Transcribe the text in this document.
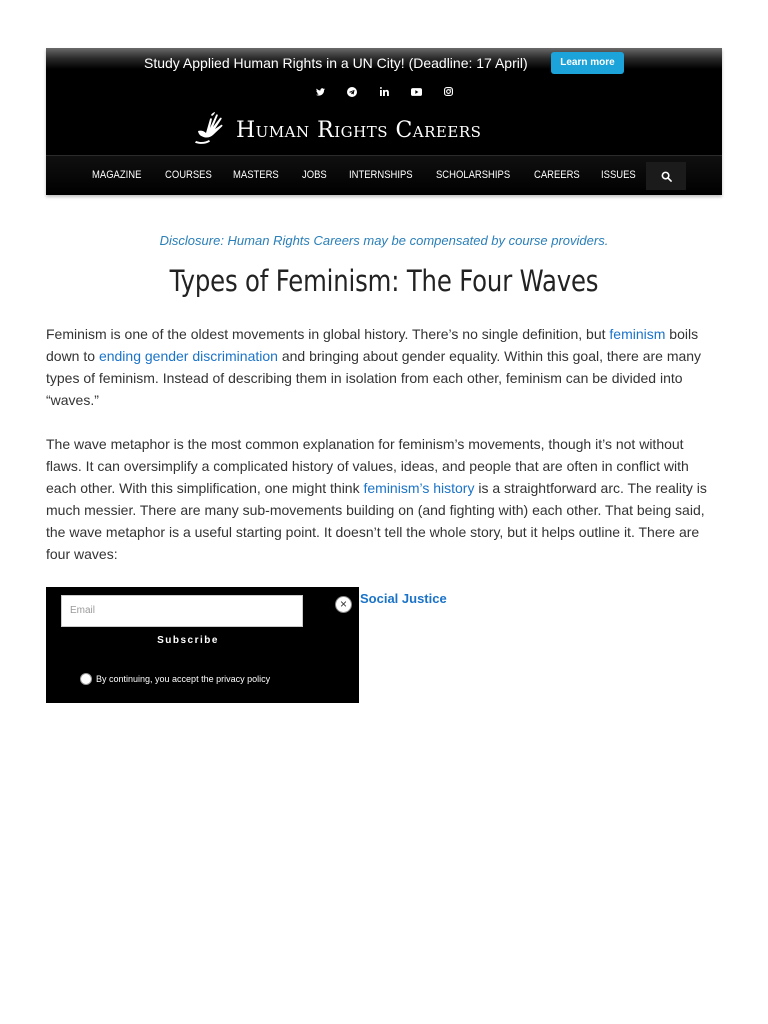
Study Applied Human Rights in a UN City! (Deadline: 17 April)	Learn more
Human Rights Careers
MAGAZINE COURSES MASTERS JOBS INTERNSHIPS SCHOLARSHIPS CAREERS ISSUES

Disclosure: Human Rights Careers may be compensated by course providers.

Types of Feminism: The Four Waves

Feminism is one of the oldest movements in global history. There’s no single definition, but feminism boils down to ending gender discrimination and bringing about gender equality. Within this goal, there are many types of feminism. Instead of describing them in isolation from each other, feminism can be divided into “waves.”

The wave metaphor is the most common explanation for feminism’s movements, though it’s not without flaws. It can oversimplify a complicated history of values, ideas, and people that are often in conflict with each other. With this simplification, one might think feminism’s history is a straightforward arc. The reality is much messier. There are many sub-movements building on (and fighting with) each other. That being said, the wave metaphor is a useful starting point. It doesn’t tell the whole story, but it helps outline it. There are four waves:

Social Justice
Email	×
Subscribe
By continuing, you accept the privacy policy
